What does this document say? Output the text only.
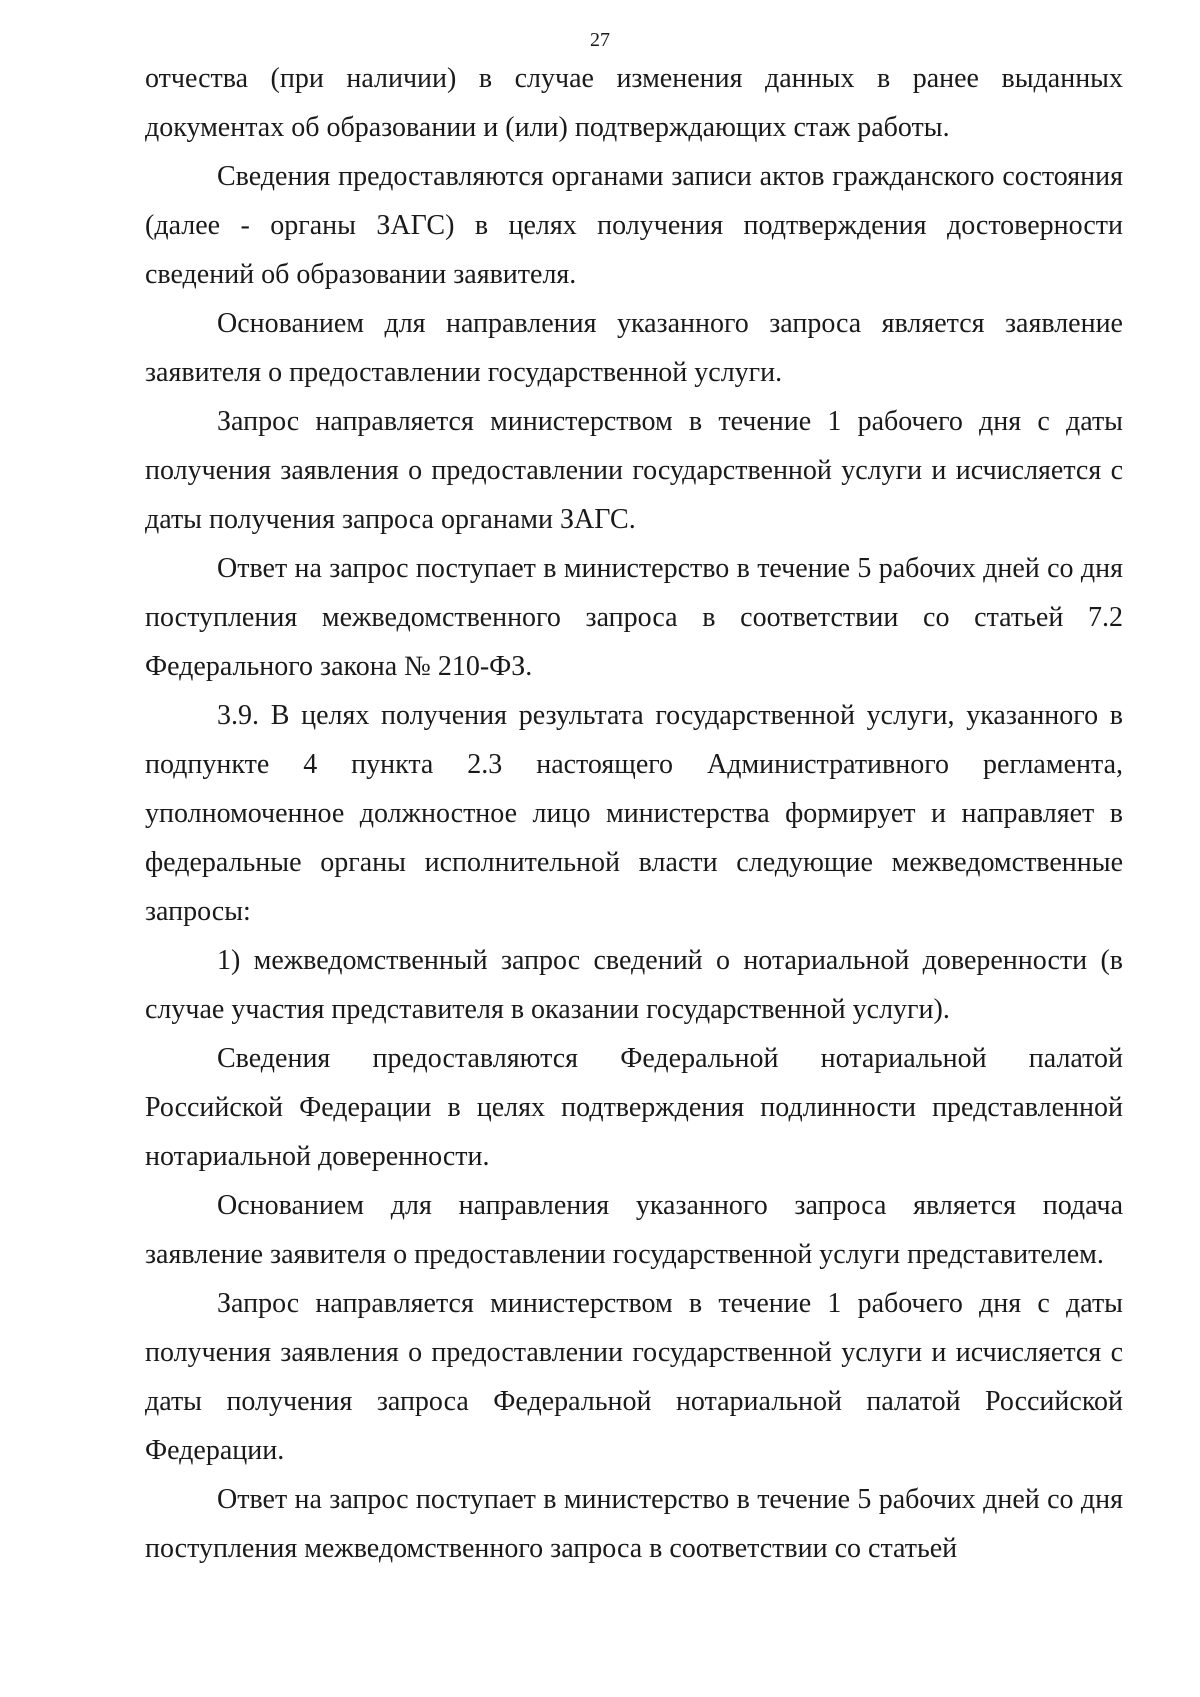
27

отчества (при наличии) в случае изменения данных в ранее выданных документах об образовании и (или) подтверждающих стаж работы.

Сведения предоставляются органами записи актов гражданского состояния (далее - органы ЗАГС) в целях получения подтверждения достоверности сведений об образовании заявителя.

Основанием для направления указанного запроса является заявление заявителя о предоставлении государственной услуги.

Запрос направляется министерством в течение 1 рабочего дня с даты получения заявления о предоставлении государственной услуги и исчисляется с даты получения запроса органами ЗАГС.

Ответ на запрос поступает в министерство в течение 5 рабочих дней со дня поступления межведомственного запроса в соответствии со статьей 7.2 Федерального закона № 210-ФЗ.

3.9. В целях получения результата государственной услуги, указанного в подпункте 4 пункта 2.3 настоящего Административного регламента, уполномоченное должностное лицо министерства формирует и направляет в федеральные органы исполнительной власти следующие межведомственные запросы:

1) межведомственный запрос сведений о нотариальной доверенности (в случае участия представителя в оказании государственной услуги).

Сведения предоставляются Федеральной нотариальной палатой Российской Федерации в целях подтверждения подлинности представленной нотариальной доверенности.

Основанием для направления указанного запроса является подача заявление заявителя о предоставлении государственной услуги представителем.

Запрос направляется министерством в течение 1 рабочего дня с даты получения заявления о предоставлении государственной услуги и исчисляется с даты получения запроса Федеральной нотариальной палатой Российской Федерации.

Ответ на запрос поступает в министерство в течение 5 рабочих дней со дня поступления межведомственного запроса в соответствии со статьей
